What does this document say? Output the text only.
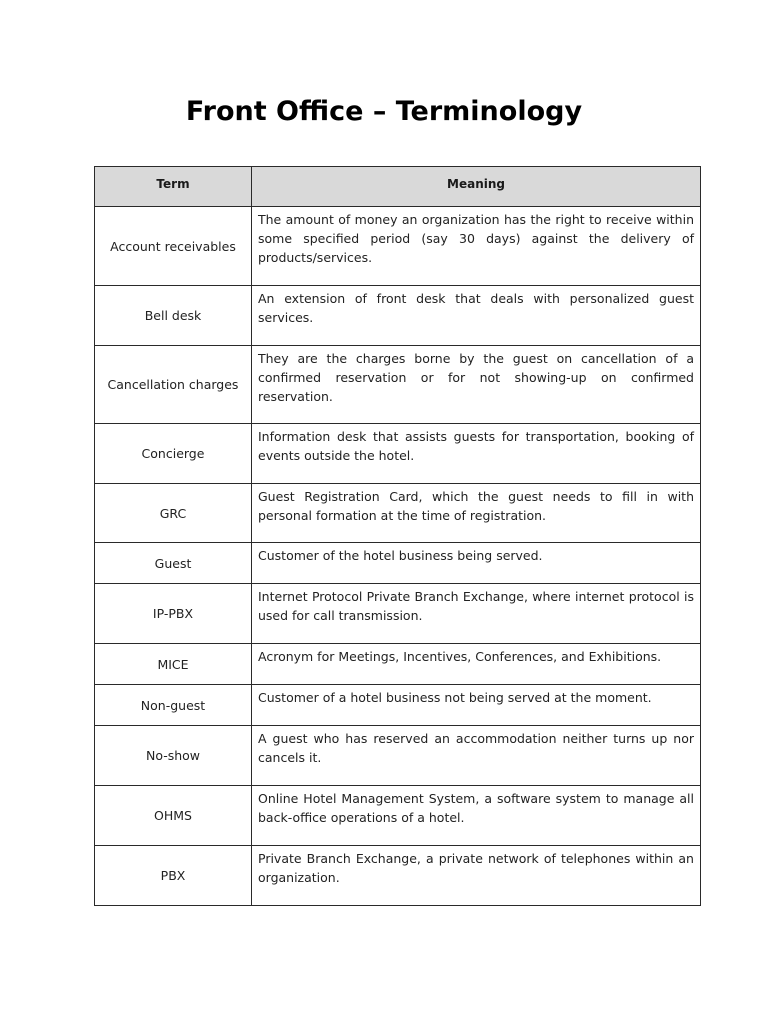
Front Office – Terminology
Term	Meaning
Account receivables	The amount of money an organization has the right to receive within some specified period (say 30 days) against the delivery of products/services.
Bell desk	An extension of front desk that deals with personalized guest services.
Cancellation charges	They are the charges borne by the guest on cancellation of a confirmed reservation or for not showing-up on confirmed reservation.
Concierge	Information desk that assists guests for transportation, booking of events outside the hotel.
GRC	Guest Registration Card, which the guest needs to fill in with personal formation at the time of registration.
Guest	Customer of the hotel business being served.
IP-PBX	Internet Protocol Private Branch Exchange, where internet protocol is used for call transmission.
MICE	Acronym for Meetings, Incentives, Conferences, and Exhibitions.
Non-guest	Customer of a hotel business not being served at the moment.
No-show	A guest who has reserved an accommodation neither turns up nor cancels it.
OHMS	Online Hotel Management System, a software system to manage all back-office operations of a hotel.
PBX	Private Branch Exchange, a private network of telephones within an organization.
